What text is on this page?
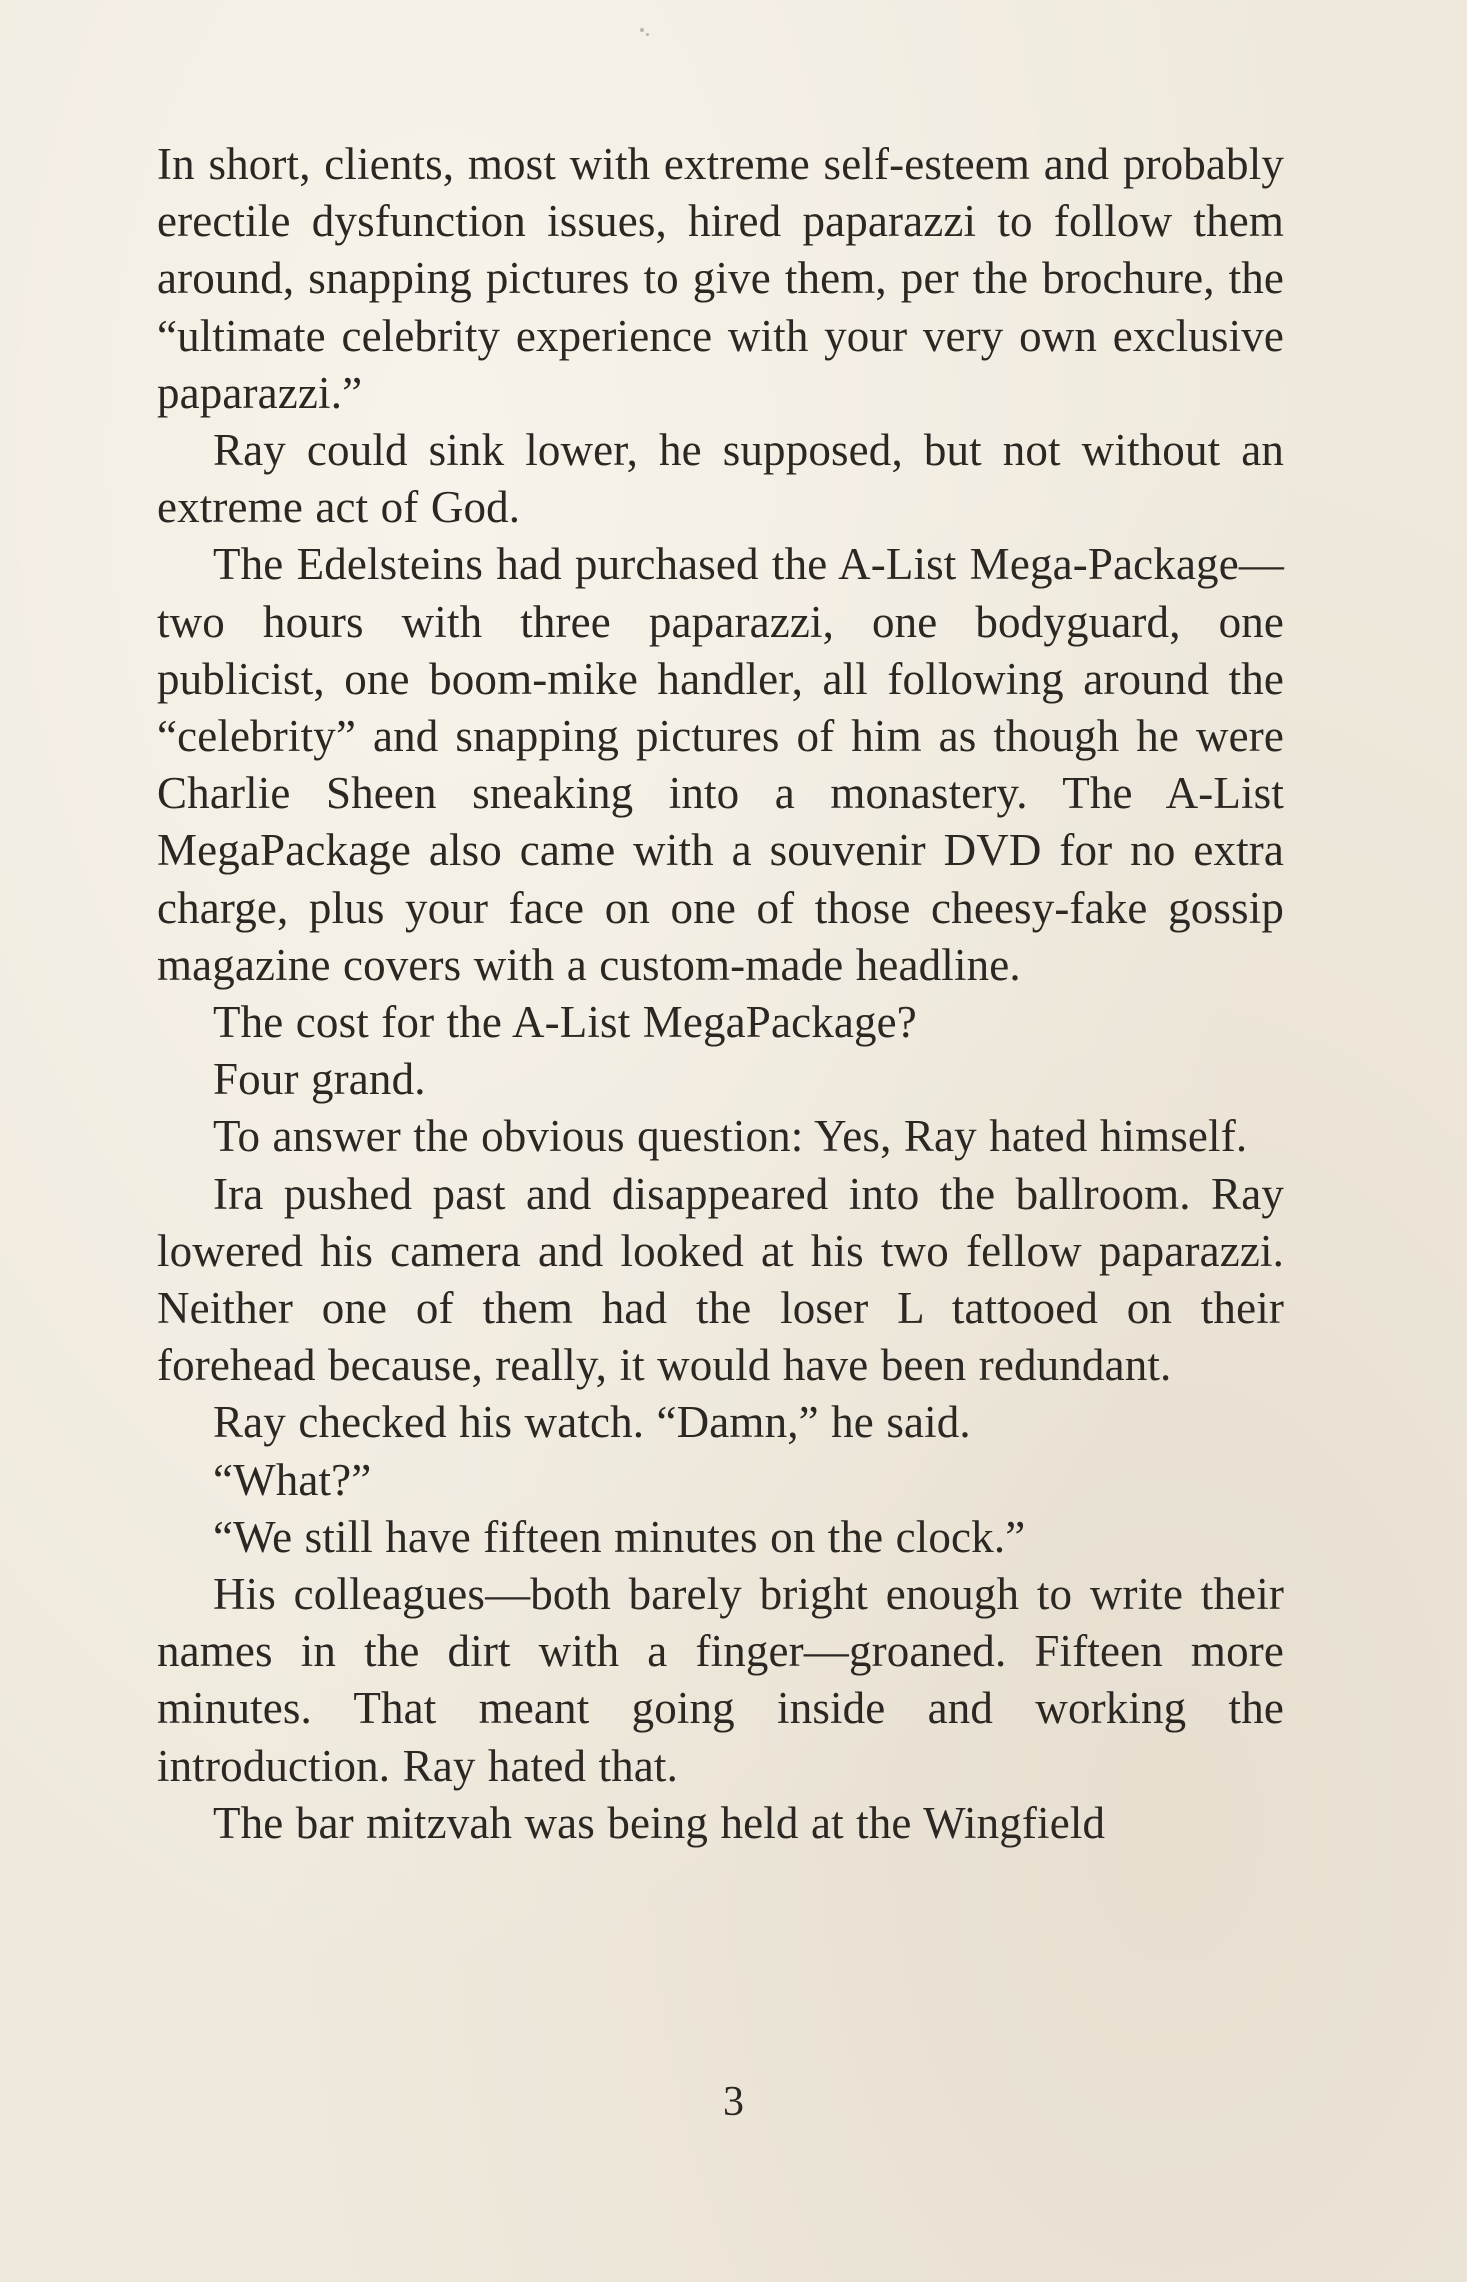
In short, clients, most with extreme self-esteem and probably erectile dysfunction issues, hired paparazzi to follow them around, snapping pictures to give them, per the brochure, the “ultimate celebrity experience with your very own exclusive paparazzi.”

Ray could sink lower, he supposed, but not without an extreme act of God.

The Edelsteins had purchased the A-List Mega-Package—two hours with three paparazzi, one bodyguard, one publicist, one boom-mike handler, all following around the “celebrity” and snapping pictures of him as though he were Charlie Sheen sneaking into a monastery. The A-List MegaPackage also came with a souvenir DVD for no extra charge, plus your face on one of those cheesy-fake gossip magazine covers with a custom-made headline.

The cost for the A-List MegaPackage?

Four grand.

To answer the obvious question: Yes, Ray hated himself.

Ira pushed past and disappeared into the ballroom. Ray lowered his camera and looked at his two fellow paparazzi. Neither one of them had the loser L tattooed on their forehead because, really, it would have been redundant.

Ray checked his watch. “Damn,” he said.

“What?”

“We still have fifteen minutes on the clock.”

His colleagues—both barely bright enough to write their names in the dirt with a finger—groaned. Fifteen more minutes. That meant going inside and working the introduction. Ray hated that.

The bar mitzvah was being held at the Wingfield

3
